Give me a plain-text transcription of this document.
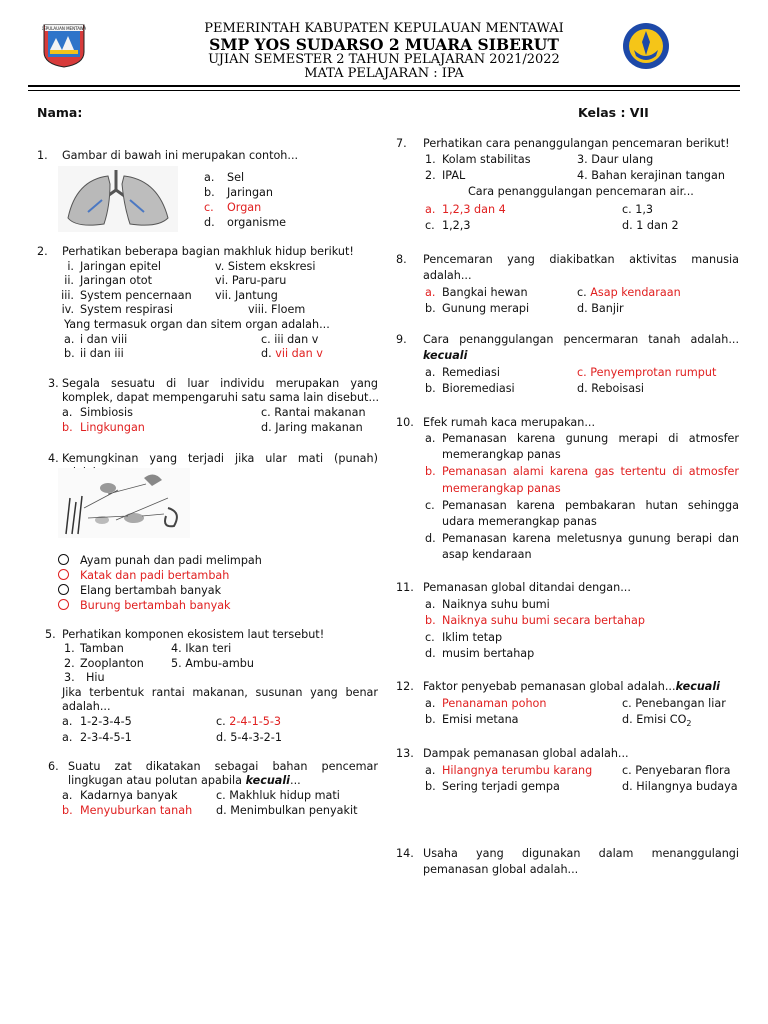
KEPULAUAN MENTAWAI	PEMERINTAH KABUPATEN KEPULAUAN MENTAWAI
SMP YOS SUDARSO 2 MUARA SIBERUT
UJIAN SEMESTER 2 TAHUN PELAJARAN 2021/2022
MATA PELAJARAN : IPA
Nama:	Kelas : VII
1. Gambar di bawah ini merupakan contoh...
a. Sel
b. Jaringan
c. Organ
d. organisme
2. Perhatikan beberapa bagian makhluk hidup berikut!
i. Jaringan epitel
ii. Jaringan otot
iii. System pencernaan
iv. System respirasi
v. Sistem ekskresi
vi. Paru-paru
vii. Jantung
viii. Floem
Yang termasuk organ dan sitem organ adalah...
a. i dan viii
b. ii dan iii
c. iii dan v
d. vii dan v
3. Segala sesuatu di luar individu merupakan yang
komplek, dapat mempengaruhi satu sama lain disebut...
a. Simbiosis
b. Lingkungan
c. Rantai makanan
d. Jaring makanan
4. Kemungkinan yang terjadi jika ular mati (punah)
Ayam punah dan padi melimpah
Katak dan padi bertambah
Elang bertambah banyak
Burung bertambah banyak
5. Perhatikan komponen ekosistem laut tersebut!
1. Tamban
2. Zooplanton
3. Hiu
4. Ikan teri
5. Ambu-ambu
Jika terbentuk rantai makanan, susunan yang benar
adalah...
a. 1-2-3-4-5
a. 2-3-4-5-1
c. 2-4-1-5-3
d. 5-4-3-2-1
6. Suatu zat dikatakan sebagai bahan pencemar
lingkugan atau polutan apabila kecuali...
a. Kadarnya banyak
b. Menyuburkan tanah
c. Makhluk hidup mati
d. Menimbulkan penyakit
7. Perhatikan cara penanggulangan pencemaran berikut!
1. Kolam stabilitas
2. IPAL
3. Daur ulang
4. Bahan kerajinan tangan
Cara penanggulangan pencemaran air...
a. 1,2,3 dan 4
c. 1,2,3
c. 1,3
d. 1 dan 2
8. Pencemaran yang diakibatkan aktivitas manusia
adalah...
a. Bangkai hewan
b. Gunung merapi
c. Asap kendaraan
d. Banjir
9. Cara penanggulangan pencermaran tanah adalah...
kecuali
a. Remediasi
b. Bioremediasi
c. Penyemprotan rumput
d. Reboisasi
10. Efek rumah kaca merupakan...
a. Pemanasan karena gunung merapi di atmosfer
memerangkap panas
b. Pemanasan alami karena gas tertentu di atmosfer
memerangkap panas
c. Pemanasan karena pembakaran hutan sehingga
udara memerangkap panas
d. Pemanasan karena meletusnya gunung berapi dan
asap kendaraan
11. Pemanasan global ditandai dengan...
a. Naiknya suhu bumi
b. Naiknya suhu bumi secara bertahap
c. Iklim tetap
d. musim bertahap
12. Faktor penyebab pemanasan global adalah...kecuali
a. Penanaman pohon
b. Emisi metana
c. Penebangan liar
d. Emisi $CO_2$
13. Dampak pemanasan global adalah...
a. Hilangnya terumbu karang
b. Sering terjadi gempa
c. Penyebaran flora
d. Hilangnya budaya
14. Usaha yang digunakan dalam menanggulangi
pemanasan global adalah...
